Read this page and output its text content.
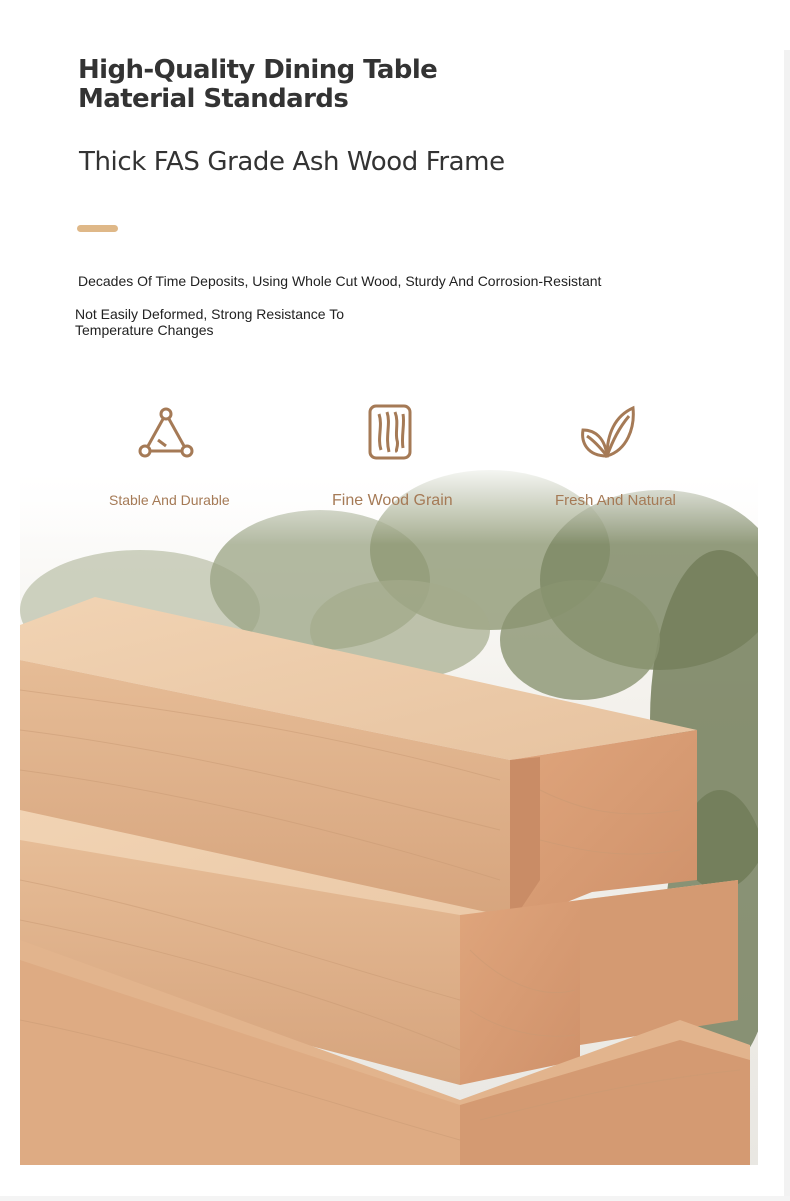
High-Quality Dining Table Material Standards
Thick FAS Grade Ash Wood Frame
Decades Of Time Deposits, Using Whole Cut Wood, Sturdy And Corrosion-Resistant
Not Easily Deformed, Strong Resistance To Temperature Changes
Stable And Durable	Fine Wood Grain	Fresh And Natural
